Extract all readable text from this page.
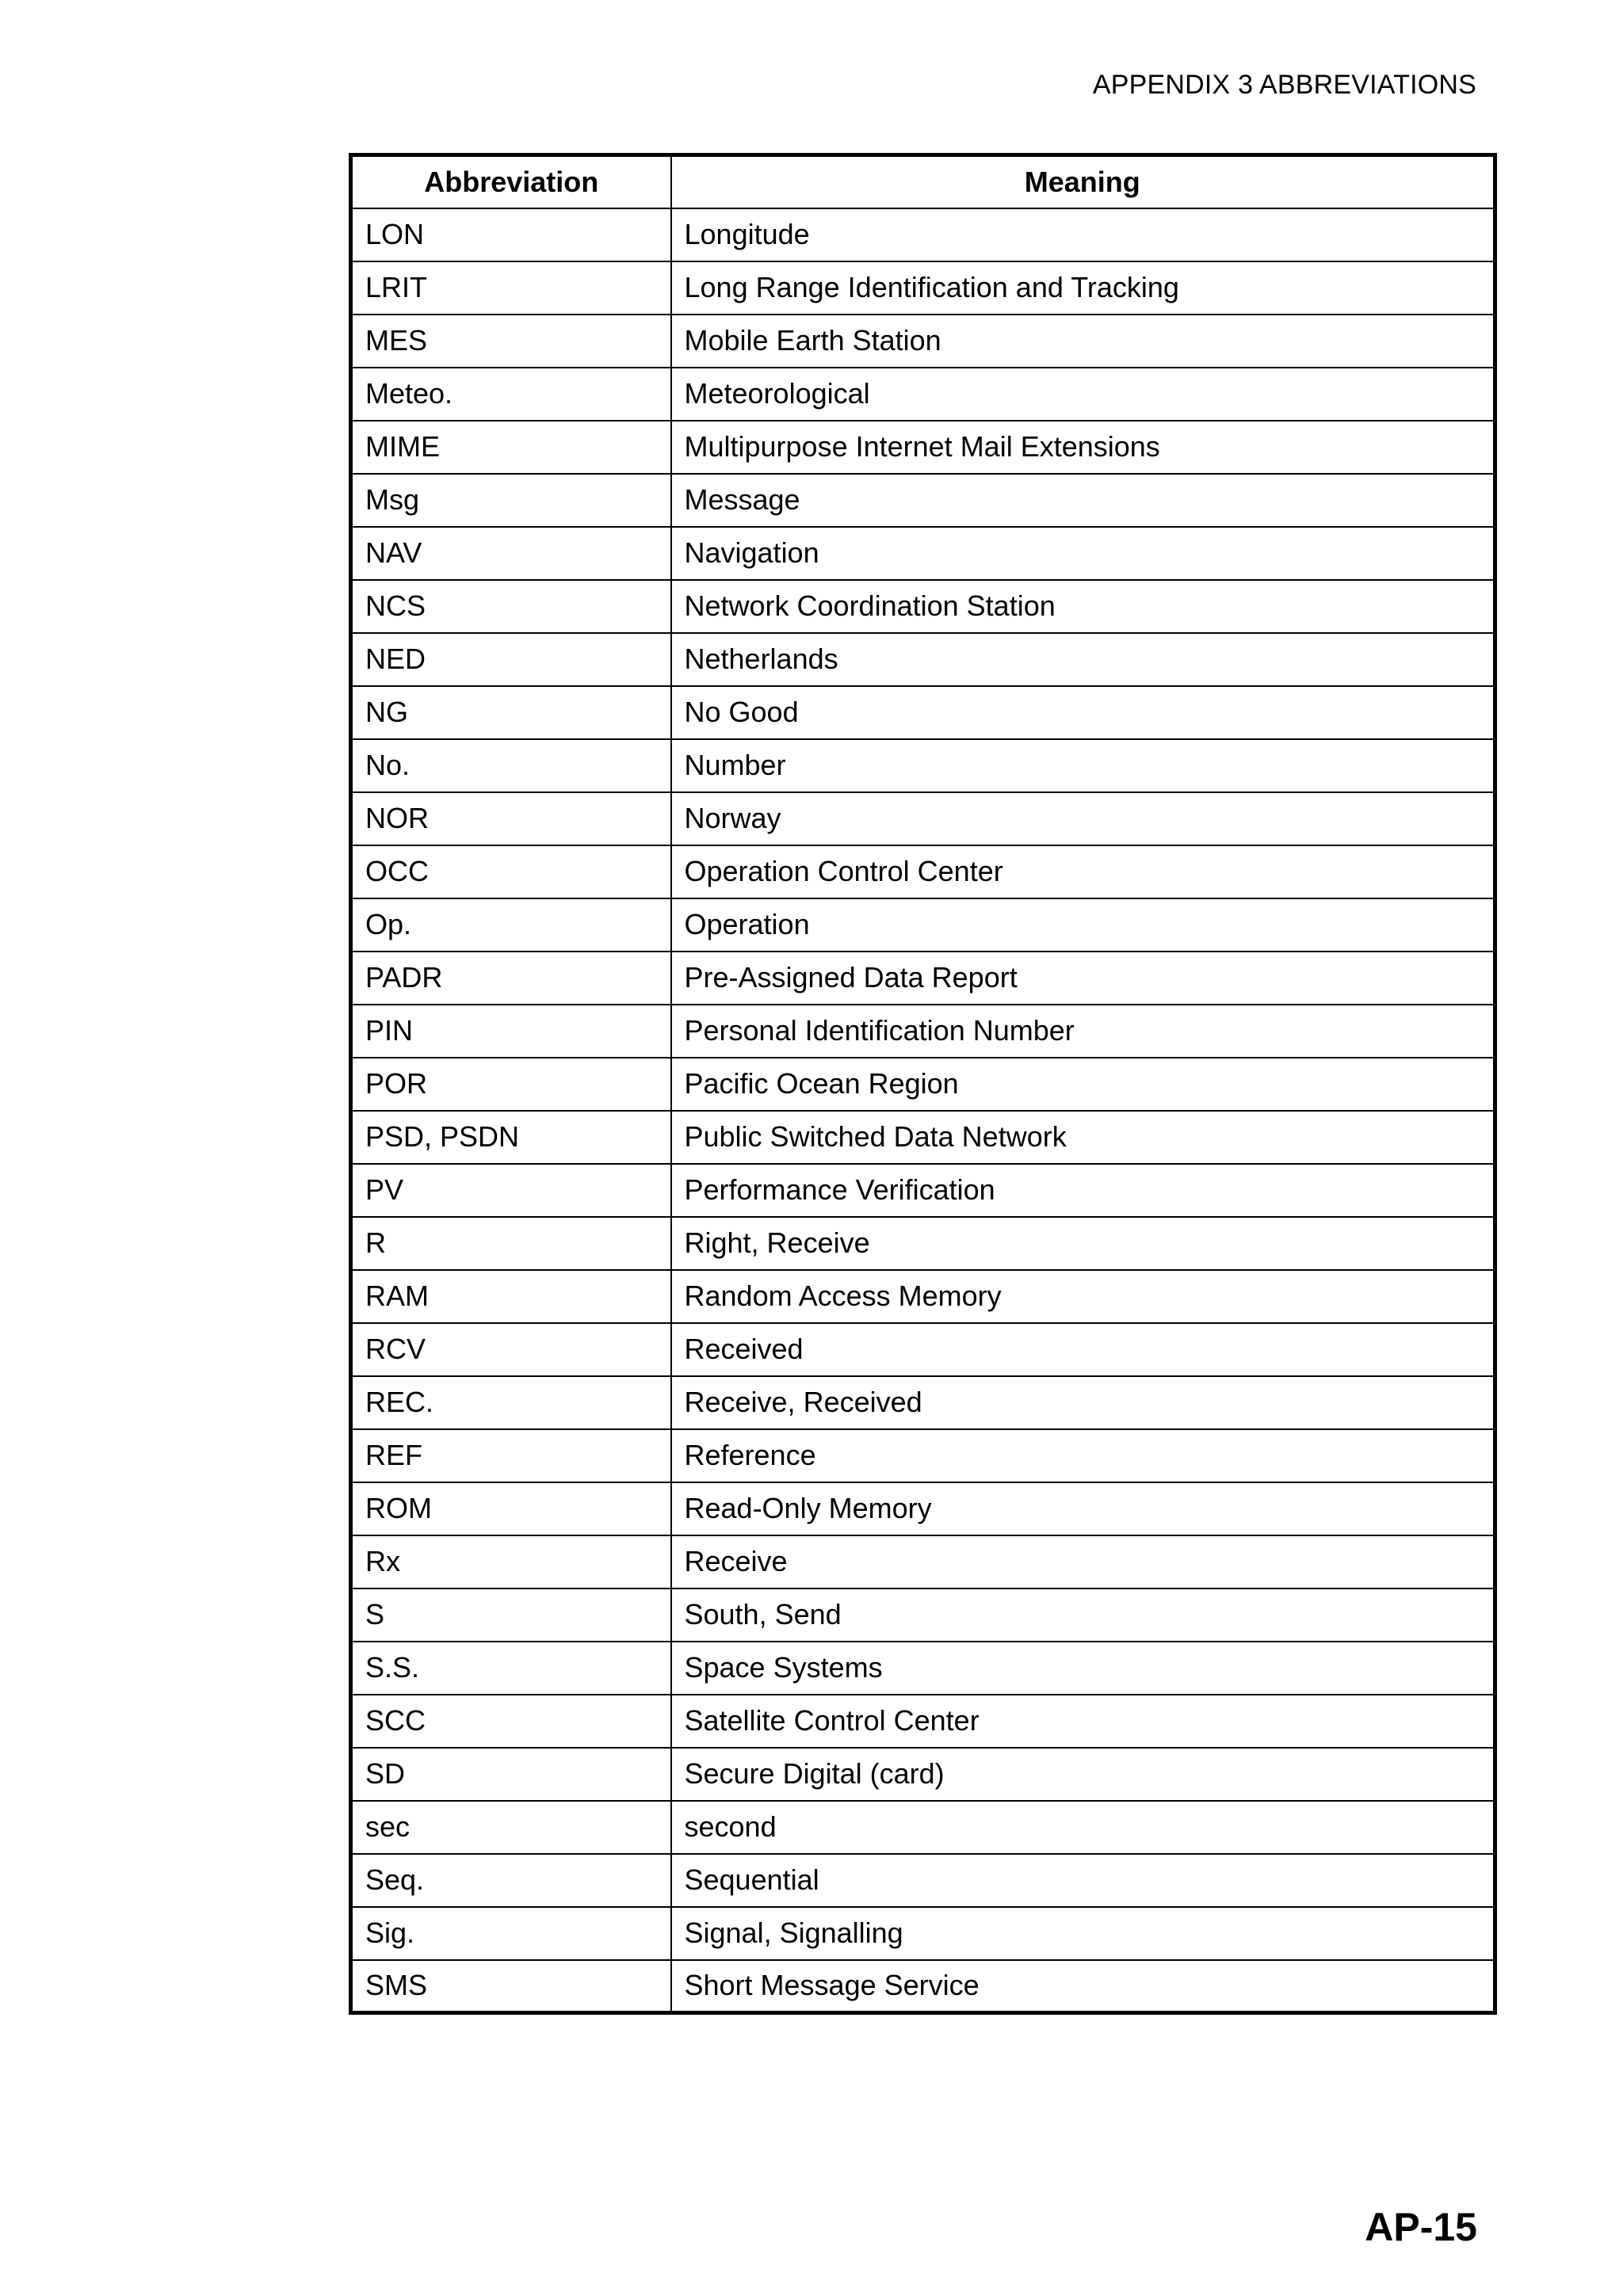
APPENDIX 3 ABBREVIATIONS
Abbreviation	Meaning
LON	Longitude
LRIT	Long Range Identification and Tracking
MES	Mobile Earth Station
Meteo.	Meteorological
MIME	Multipurpose Internet Mail Extensions
Msg	Message
NAV	Navigation
NCS	Network Coordination Station
NED	Netherlands
NG	No Good
No.	Number
NOR	Norway
OCC	Operation Control Center
Op.	Operation
PADR	Pre-Assigned Data Report
PIN	Personal Identification Number
POR	Pacific Ocean Region
PSD, PSDN	Public Switched Data Network
PV	Performance Verification
R	Right, Receive
RAM	Random Access Memory
RCV	Received
REC.	Receive, Received
REF	Reference
ROM	Read-Only Memory
Rx	Receive
S	South, Send
S.S.	Space Systems
SCC	Satellite Control Center
SD	Secure Digital (card)
sec	second
Seq.	Sequential
Sig.	Signal, Signalling
SMS	Short Message Service
AP-15
